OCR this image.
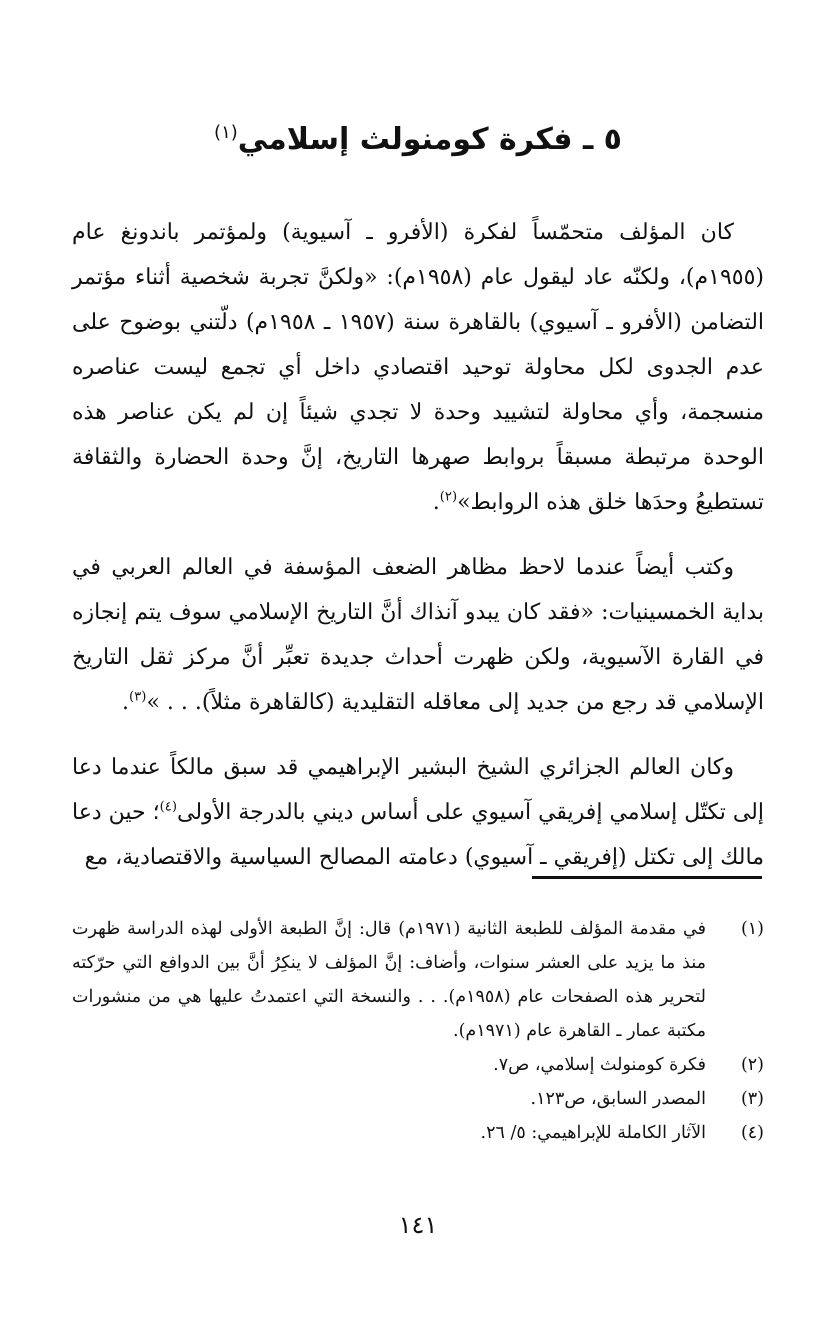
٥ ـ فكرة كومنولث إسلامي$^{(١)}$

كان المؤلف متحمّساً لفكرة (الأفرو ـ آسيوية) ولمؤتمر باندونغ عام (١٩٥٥م)، ولكنّه عاد ليقول عام (١٩٥٨م): «ولكنَّ تجربة شخصية أثناء مؤتمر التضامن (الأفرو ـ آسيوي) بالقاهرة سنة (١٩٥٧ ـ ١٩٥٨م) دلّتني بوضوح على عدم الجدوى لكل محاولة توحيد اقتصادي داخل أي تجمع ليست عناصره منسجمة، وأي محاولة لتشييد وحدة لا تجدي شيئاً إن لم يكن عناصر هذه الوحدة مرتبطة مسبقاً بروابط صهرها التاريخ، إنَّ وحدة الحضارة والثقافة تستطيعُ وحدَها خلق هذه الروابط»$^{(٢)}$.

وكتب أيضاً عندما لاحظ مظاهر الضعف المؤسفة في العالم العربي في بداية الخمسينيات: «فقد كان يبدو آنذاك أنَّ التاريخ الإسلامي سوف يتم إنجازه في القارة الآسيوية، ولكن ظهرت أحداث جديدة تعبِّر أنَّ مركز ثقل التاريخ الإسلامي قد رجع من جديد إلى معاقله التقليدية (كالقاهرة مثلاً). . . »$^{(٣)}$.

وكان العالم الجزائري الشيخ البشير الإبراهيمي قد سبق مالكاً عندما دعا إلى تكتّل إسلامي إفريقي آسيوي على أساس ديني بالدرجة الأولى$^{(٤)}$؛ حين دعا مالك إلى تكتل (إفريقي ـ آسيوي) دعامته المصالح السياسية والاقتصادية، مع

(١)
في مقدمة المؤلف للطبعة الثانية (١٩٧١م) قال: إنَّ الطبعة الأولى لهذه الدراسة ظهرت منذ ما يزيد على العشر سنوات، وأضاف: إنَّ المؤلف لا ينكِرُ أنَّ بين الدوافع التي حرّكته لتحرير هذه الصفحات عام (١٩٥٨م). . . والنسخة التي اعتمدتُ عليها هي من منشورات مكتبة عمار ـ القاهرة عام (١٩٧١م).
(٢)
فكرة كومنولث إسلامي، ص٧.
(٣)
المصدر السابق، ص١٢٣.
(٤)
الآثار الكاملة للإبراهيمي: ٥/ ٢٦.
١٤١
